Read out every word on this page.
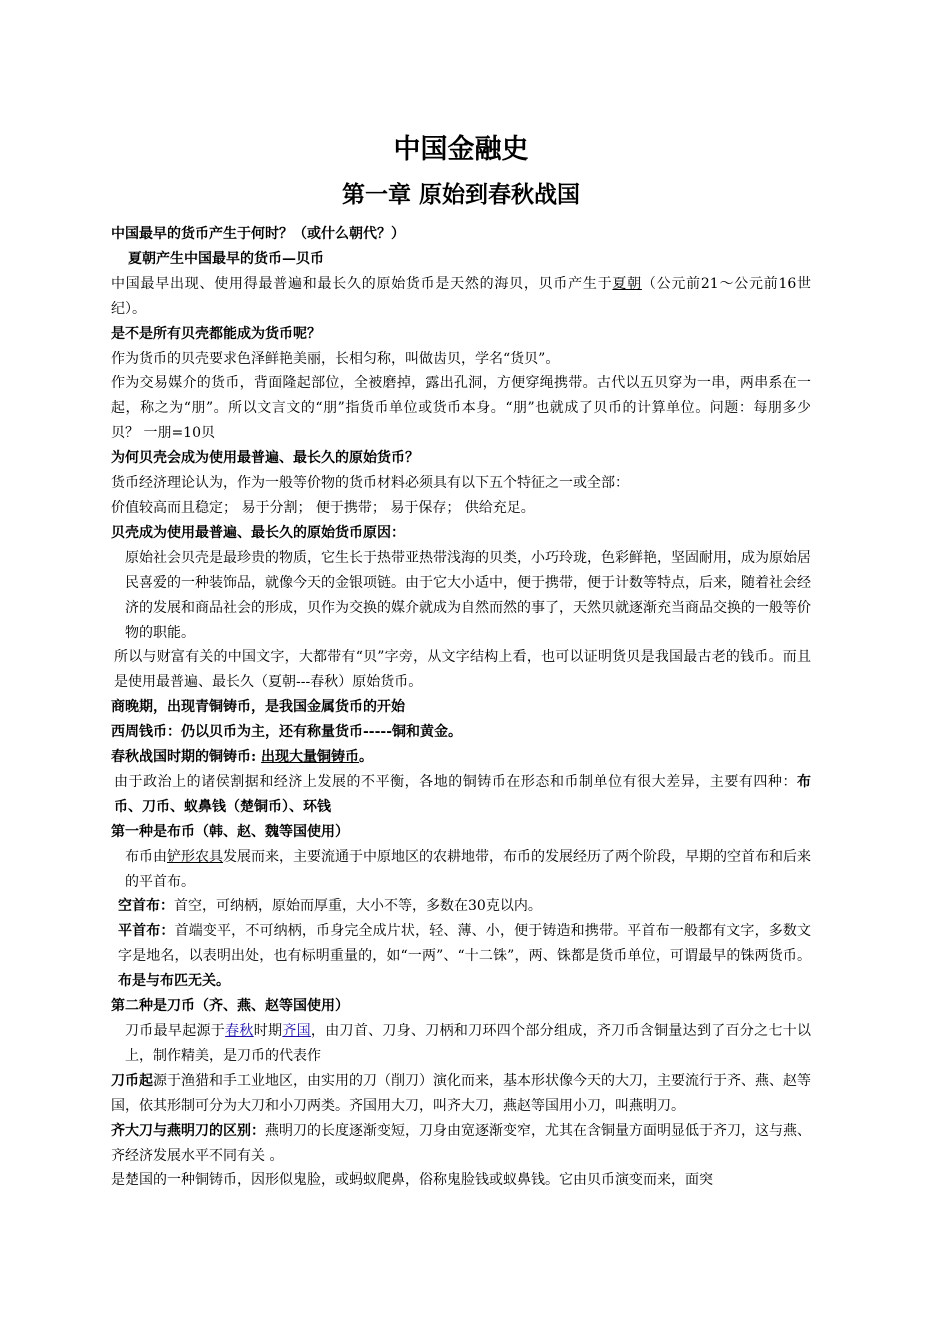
中国金融史
第一章 原始到春秋战国

中国最早的货币产生于何时？（或什么朝代？）

夏朝产生中国最早的货币—贝币

中国最早出现、使用得最普遍和最长久的原始货币是天然的海贝，贝币产生于夏朝（公元前21～公元前16世纪）。

是不是所有贝壳都能成为货币呢？

作为货币的贝壳要求色泽鲜艳美丽，长相匀称，叫做齿贝，学名“货贝”。

作为交易媒介的货币，背面隆起部位，全被磨掉，露出孔洞，方便穿绳携带。古代以五贝穿为一串，两串系在一起，称之为“朋”。所以文言文的“朋”指货币单位或货币本身。“朋”也就成了贝币的计算单位。问题：每朋多少贝？ 一朋=10贝

为何贝壳会成为使用最普遍、最长久的原始货币？

货币经济理论认为，作为一般等价物的货币材料必须具有以下五个特征之一或全部：

价值较高而且稳定； 易于分割； 便于携带； 易于保存； 供给充足。

贝壳成为使用最普遍、最长久的原始货币原因：

原始社会贝壳是最珍贵的物质，它生长于热带亚热带浅海的贝类，小巧玲珑，色彩鲜艳，坚固耐用，成为原始居民喜爱的一种装饰品，就像今天的金银项链。由于它大小适中，便于携带，便于计数等特点，后来，随着社会经济的发展和商品社会的形成，贝作为交换的媒介就成为自然而然的事了，天然贝就逐渐充当商品交换的一般等价物的职能。

所以与财富有关的中国文字，大都带有“贝”字旁，从文字结构上看，也可以证明货贝是我国最古老的钱币。而且是使用最普遍、最长久（夏朝---春秋）原始货币。

商晚期，出现青铜铸币，是我国金属货币的开始

西周钱币：仍以贝币为主，还有称量货币-----铜和黄金。

春秋战国时期的铜铸币: 出现大量铜铸币。

由于政治上的诸侯割据和经济上发展的不平衡，各地的铜铸币在形态和币制单位有很大差异，主要有四种：布币、刀币、蚁鼻钱（楚铜币）、环钱

第一种是布币（韩、赵、魏等国使用）

布币由铲形农具发展而来，主要流通于中原地区的农耕地带，布币的发展经历了两个阶段，早期的空首布和后来的平首布。

空首布：首空，可纳柄，原始而厚重，大小不等，多数在30克以内。

平首布：首端变平，不可纳柄，币身完全成片状，轻、薄、小，便于铸造和携带。平首布一般都有文字，多数文字是地名，以表明出处，也有标明重量的，如“一两”、“十二铢”，两、铢都是货币单位，可谓最早的铢两货币。布是与布匹无关。

第二种是刀币（齐、燕、赵等国使用）

刀币最早起源于春秋时期齐国，由刀首、刀身、刀柄和刀环四个部分组成，齐刀币含铜量达到了百分之七十以上，制作精美，是刀币的代表作

刀币起源于渔猎和手工业地区，由实用的刀（削刀）演化而来，基本形状像今天的大刀，主要流行于齐、燕、赵等国，依其形制可分为大刀和小刀两类。齐国用大刀，叫齐大刀，燕赵等国用小刀，叫燕明刀。

齐大刀与燕明刀的区别：燕明刀的长度逐渐变短，刀身由宽逐渐变窄，尤其在含铜量方面明显低于齐刀，这与燕、齐经济发展水平不同有关 。

是楚国的一种铜铸币，因形似鬼脸，或蚂蚁爬鼻，俗称鬼脸钱或蚁鼻钱。它由贝币演变而来，面突
